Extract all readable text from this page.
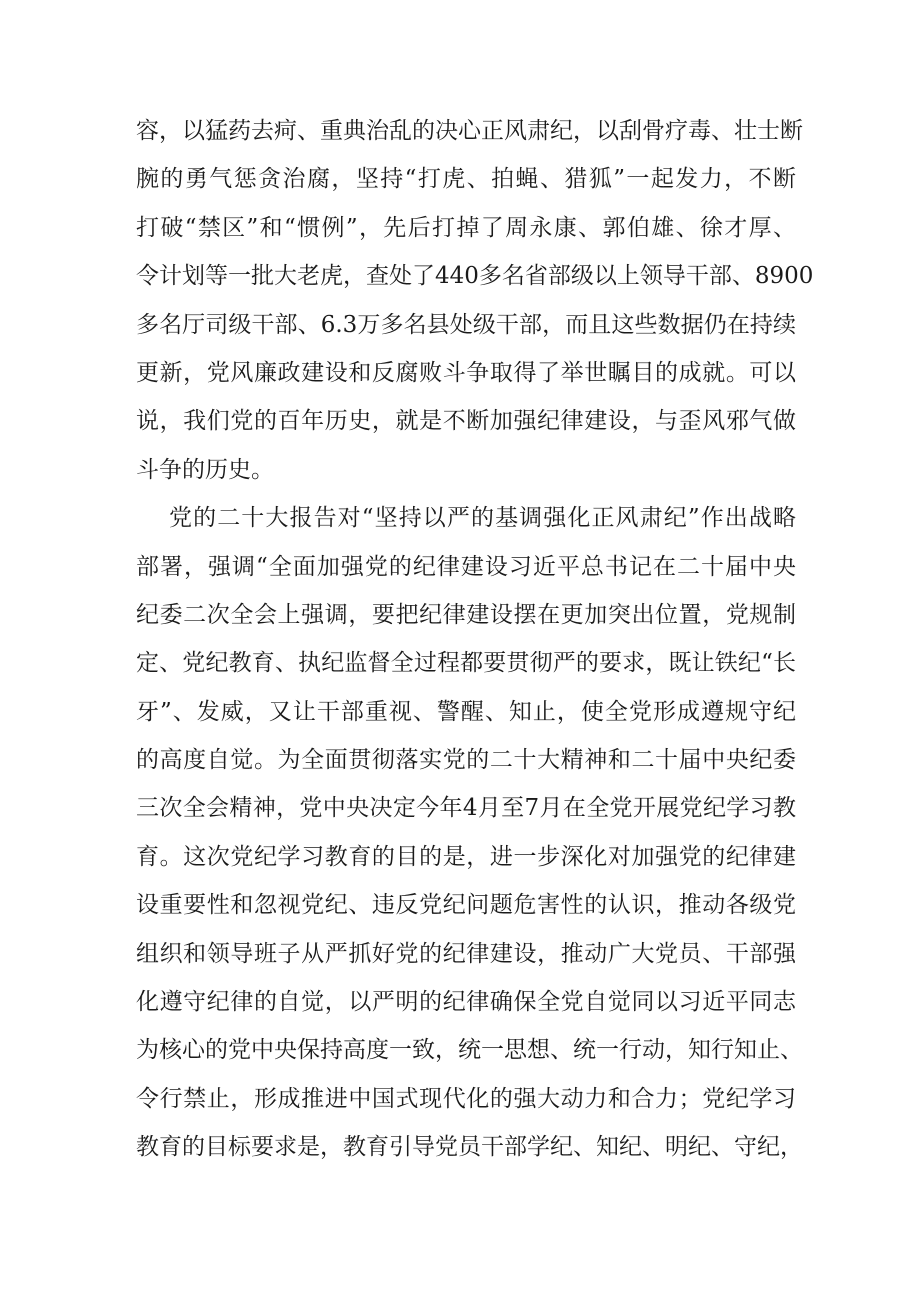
容，以猛药去疴、重典治乱的决心正风肃纪，以刮骨疗毒、壮士断
腕的勇气惩贪治腐，坚持“打虎、拍蝇、猎狐”一起发力，不断
打破“禁区”和“惯例”，先后打掉了周永康、郭伯雄、徐才厚、
令计划等一批大老虎，查处了440多名省部级以上领导干部、8900
多名厅司级干部、6.3万多名县处级干部，而且这些数据仍在持续
更新，党风廉政建设和反腐败斗争取得了举世瞩目的成就。可以
说，我们党的百年历史，就是不断加强纪律建设，与歪风邪气做
斗争的历史。
党的二十大报告对“坚持以严的基调强化正风肃纪”作出战略
部署，强调“全面加强党的纪律建设习近平总书记在二十届中央
纪委二次全会上强调，要把纪律建设摆在更加突出位置，党规制
定、党纪教育、执纪监督全过程都要贯彻严的要求，既让铁纪“长
牙”、发威，又让干部重视、警醒、知止，使全党形成遵规守纪
的高度自觉。为全面贯彻落实党的二十大精神和二十届中央纪委
三次全会精神，党中央决定今年4月至7月在全党开展党纪学习教
育。这次党纪学习教育的目的是，进一步深化对加强党的纪律建
设重要性和忽视党纪、违反党纪问题危害性的认识，推动各级党
组织和领导班子从严抓好党的纪律建设，推动广大党员、干部强
化遵守纪律的自觉，以严明的纪律确保全党自觉同以习近平同志
为核心的党中央保持高度一致，统一思想、统一行动，知行知止、
令行禁止，形成推进中国式现代化的强大动力和合力；党纪学习
教育的目标要求是，教育引导党员干部学纪、知纪、明纪、守纪，
